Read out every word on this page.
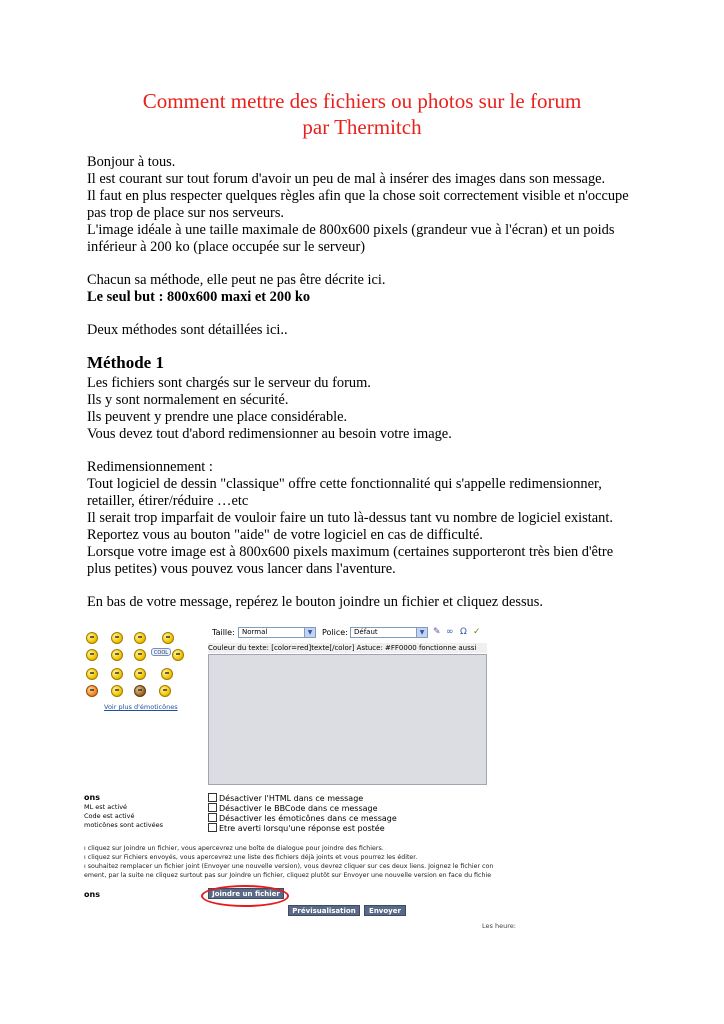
Comment mettre des fichiers ou photos sur le forum
par Thermitch
Bonjour à tous.
Il est courant sur tout forum d'avoir un peu de mal à insérer des images dans son message.
Il faut en plus respecter quelques règles afin que la chose soit correctement visible et n'occupe
pas trop de place sur nos serveurs.
L'image idéale à une taille maximale de 800x600 pixels (grandeur vue à l'écran) et un poids
inférieur à 200 ko (place occupée sur le serveur)
Chacun sa méthode, elle peut ne pas être décrite ici.
Le seul but : 800x600 maxi et 200 ko
Deux méthodes sont détaillées ici..
Méthode 1
Les fichiers sont chargés sur le serveur du forum.
Ils y sont normalement en sécurité.
Ils peuvent y prendre une place considérable.
Vous devez tout d'abord redimensionner au besoin votre image.
Redimensionnement :
Tout logiciel de dessin "classique" offre cette fonctionnalité qui s'appelle redimensionner,
retailler, étirer/réduire …etc
Il serait trop imparfait de vouloir faire un tuto là-dessus tant vu nombre de logiciel existant.
Reportez vous au bouton "aide" de votre logiciel en cas de difficulté.
Lorsque votre image est à 800x600 pixels maximum (certaines supporteront très bien d'être
plus petites) vous pouvez vous lancer dans l'aventure.
En bas de votre message, repérez le bouton joindre un fichier et cliquez dessus.
COOL
Voir plus d'émoticônes
Taille:	Normal	▼	Police: Défaut	▼ ✎ ∞ Ω ✓
Couleur du texte: [color=red]texte[/color] Astuce: #FF0000 fonctionne aussi
ons
ML est activé
Code est activé
moticônes sont activées
Désactiver l'HTML dans ce message
Désactiver le BBCode dans ce message
Désactiver les émoticônes dans ce message
Etre averti lorsqu'une réponse est postée
ı cliquez sur Joindre un fichier, vous apercevrez une boîte de dialogue pour joindre des fichiers.
ı cliquez sur Fichiers envoyés, vous apercevrez une liste des fichiers déjà joints et vous pourrez les éditer.
ı souhaitez remplacer un fichier joint (Envoyer une nouvelle version), vous devrez cliquer sur ces deux liens. Joignez le fichier con
ement, par la suite ne cliquez surtout pas sur Joindre un fichier, cliquez plutôt sur Envoyer une nouvelle version en face du fichie
ons	Joindre un fichier
Prévisualisation	Envoyer
Les heure:
